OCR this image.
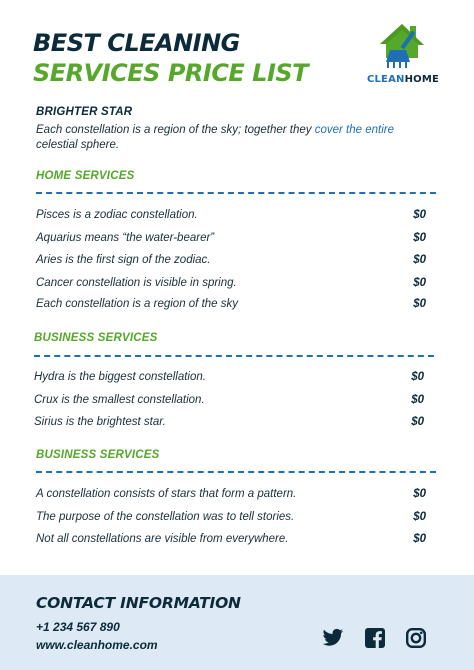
BEST CLEANING
SERVICES PRICE LIST	CLEANHOME
BRIGHTER STAR
Each constellation is a region of the sky; together they cover the entire
celestial sphere.
HOME SERVICES
Pisces is a zodiac constellation.	$0
Aquarius means “the water-bearer”	$0
Aries is the first sign of the zodiac.	$0
Cancer constellation is visible in spring.	$0
Each constellation is a region of the sky	$0
BUSINESS SERVICES
Hydra is the biggest constellation.	$0
Crux is the smallest constellation.	$0
Sirius is the brightest star.	$0
BUSINESS SERVICES
A constellation consists of stars that form a pattern.	$0
The purpose of the constellation was to tell stories.	$0
Not all constellations are visible from everywhere.	$0
CONTACT INFORMATION
+1 234 567 890
www.cleanhome.com
